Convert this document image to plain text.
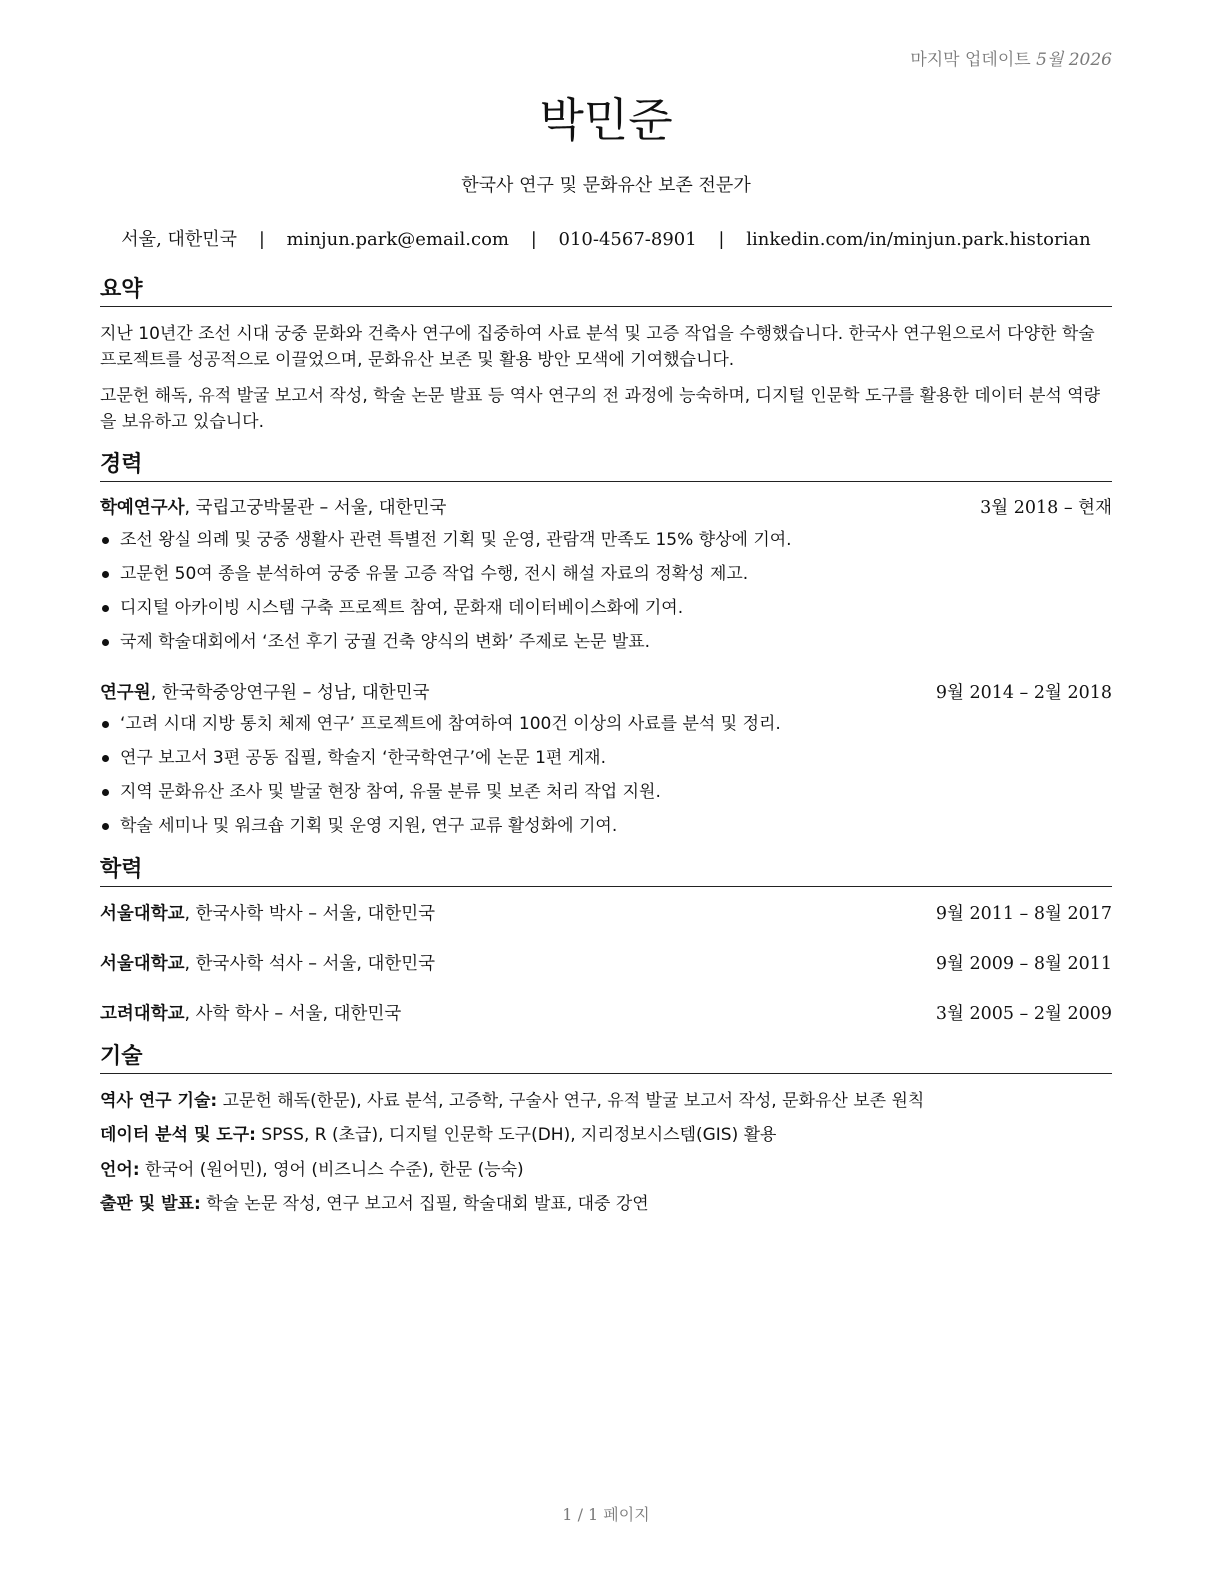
마지막 업데이트 5월 2026
박민준

한국사 연구 및 문화유산 보존 전문가

서울, 대한민국 | minjun.park@email.com | 010-4567-8901 | linkedin.com/in/minjun.park.historian
요약

지난 10년간 조선 시대 궁중 문화와 건축사 연구에 집중하여 사료 분석 및 고증 작업을 수행했습니다. 한국사 연구원으로서 다양한 학술 프로젝트를 성공적으로 이끌었으며, 문화유산 보존 및 활용 방안 모색에 기여했습니다.

고문헌 해독, 유적 발굴 보고서 작성, 학술 논문 발표 등 역사 연구의 전 과정에 능숙하며, 디지털 인문학 도구를 활용한 데이터 분석 역량을 보유하고 있습니다.

경력
학예연구사, 국립고궁박물관 – 서울, 대한민국	3월 2018 – 현재
조선 왕실 의례 및 궁중 생활사 관련 특별전 기획 및 운영, 관람객 만족도 15% 향상에 기여.
고문헌 50여 종을 분석하여 궁중 유물 고증 작업 수행, 전시 해설 자료의 정확성 제고.
디지털 아카이빙 시스템 구축 프로젝트 참여, 문화재 데이터베이스화에 기여.
국제 학술대회에서 ‘조선 후기 궁궐 건축 양식의 변화’ 주제로 논문 발표.
연구원, 한국학중앙연구원 – 성남, 대한민국	9월 2014 – 2월 2018
‘고려 시대 지방 통치 체제 연구’ 프로젝트에 참여하여 100건 이상의 사료를 분석 및 정리.
연구 보고서 3편 공동 집필, 학술지 ‘한국학연구’에 논문 1편 게재.
지역 문화유산 조사 및 발굴 현장 참여, 유물 분류 및 보존 처리 작업 지원.
학술 세미나 및 워크숍 기획 및 운영 지원, 연구 교류 활성화에 기여.
학력
서울대학교, 한국사학 박사 – 서울, 대한민국	9월 2011 – 8월 2017
서울대학교, 한국사학 석사 – 서울, 대한민국	9월 2009 – 8월 2011
고려대학교, 사학 학사 – 서울, 대한민국	3월 2005 – 2월 2009
기술
역사 연구 기술: 고문헌 해독(한문), 사료 분석, 고증학, 구술사 연구, 유적 발굴 보고서 작성, 문화유산 보존 원칙
데이터 분석 및 도구: SPSS, R (초급), 디지털 인문학 도구(DH), 지리정보시스템(GIS) 활용
언어: 한국어 (원어민), 영어 (비즈니스 수준), 한문 (능숙)
출판 및 발표: 학술 논문 작성, 연구 보고서 집필, 학술대회 발표, 대중 강연
1 / 1 페이지
